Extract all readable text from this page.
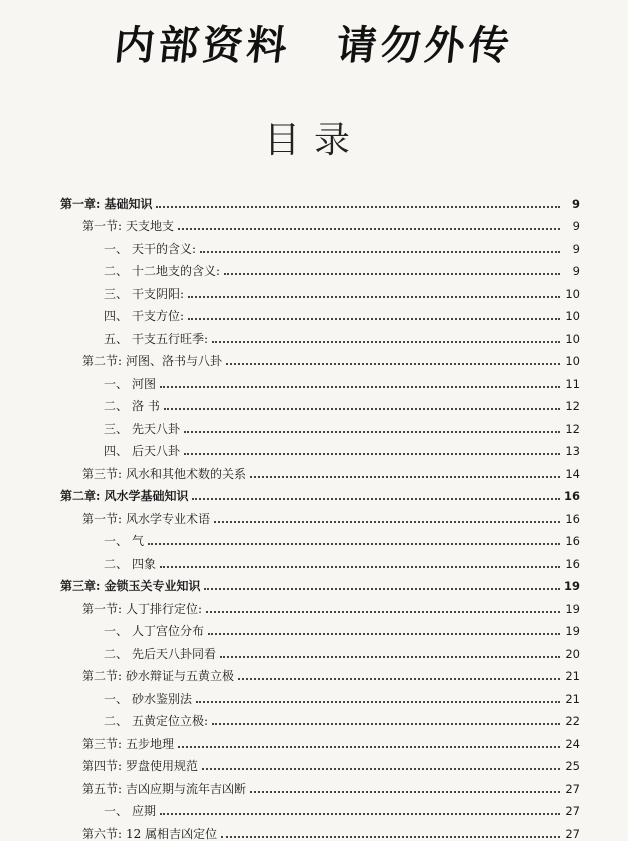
内部资料 请勿外传
目录
第一章: 基础知识	9
第一节: 天支地支	9
一、 天干的含义:	9
二、 十二地支的含义:	9
三、 干支阴阳:	10
四、 干支方位:	10
五、 干支五行旺季:	10
第二节: 河图、洛书与八卦	10
一、 河图	11
二、 洛 书	12
三、 先天八卦	12
四、 后天八卦	13
第三节: 风水和其他术数的关系	14
第二章: 风水学基础知识	16
第一节: 风水学专业术语	16
一、 气	16
二、 四象	16
第三章: 金锁玉关专业知识	19
第一节: 人丁排行定位:	19
一、 人丁宫位分布	19
二、 先后天八卦同看	20
第二节: 砂水辩证与五黄立极	21
一、 砂水鉴别法	21
二、 五黄定位立极:	22
第三节: 五步地理	24
第四节: 罗盘使用规范	25
第五节: 吉凶应期与流年吉凶断	27
一、 应期	27
第六节: 12 属相吉凶定位	27
